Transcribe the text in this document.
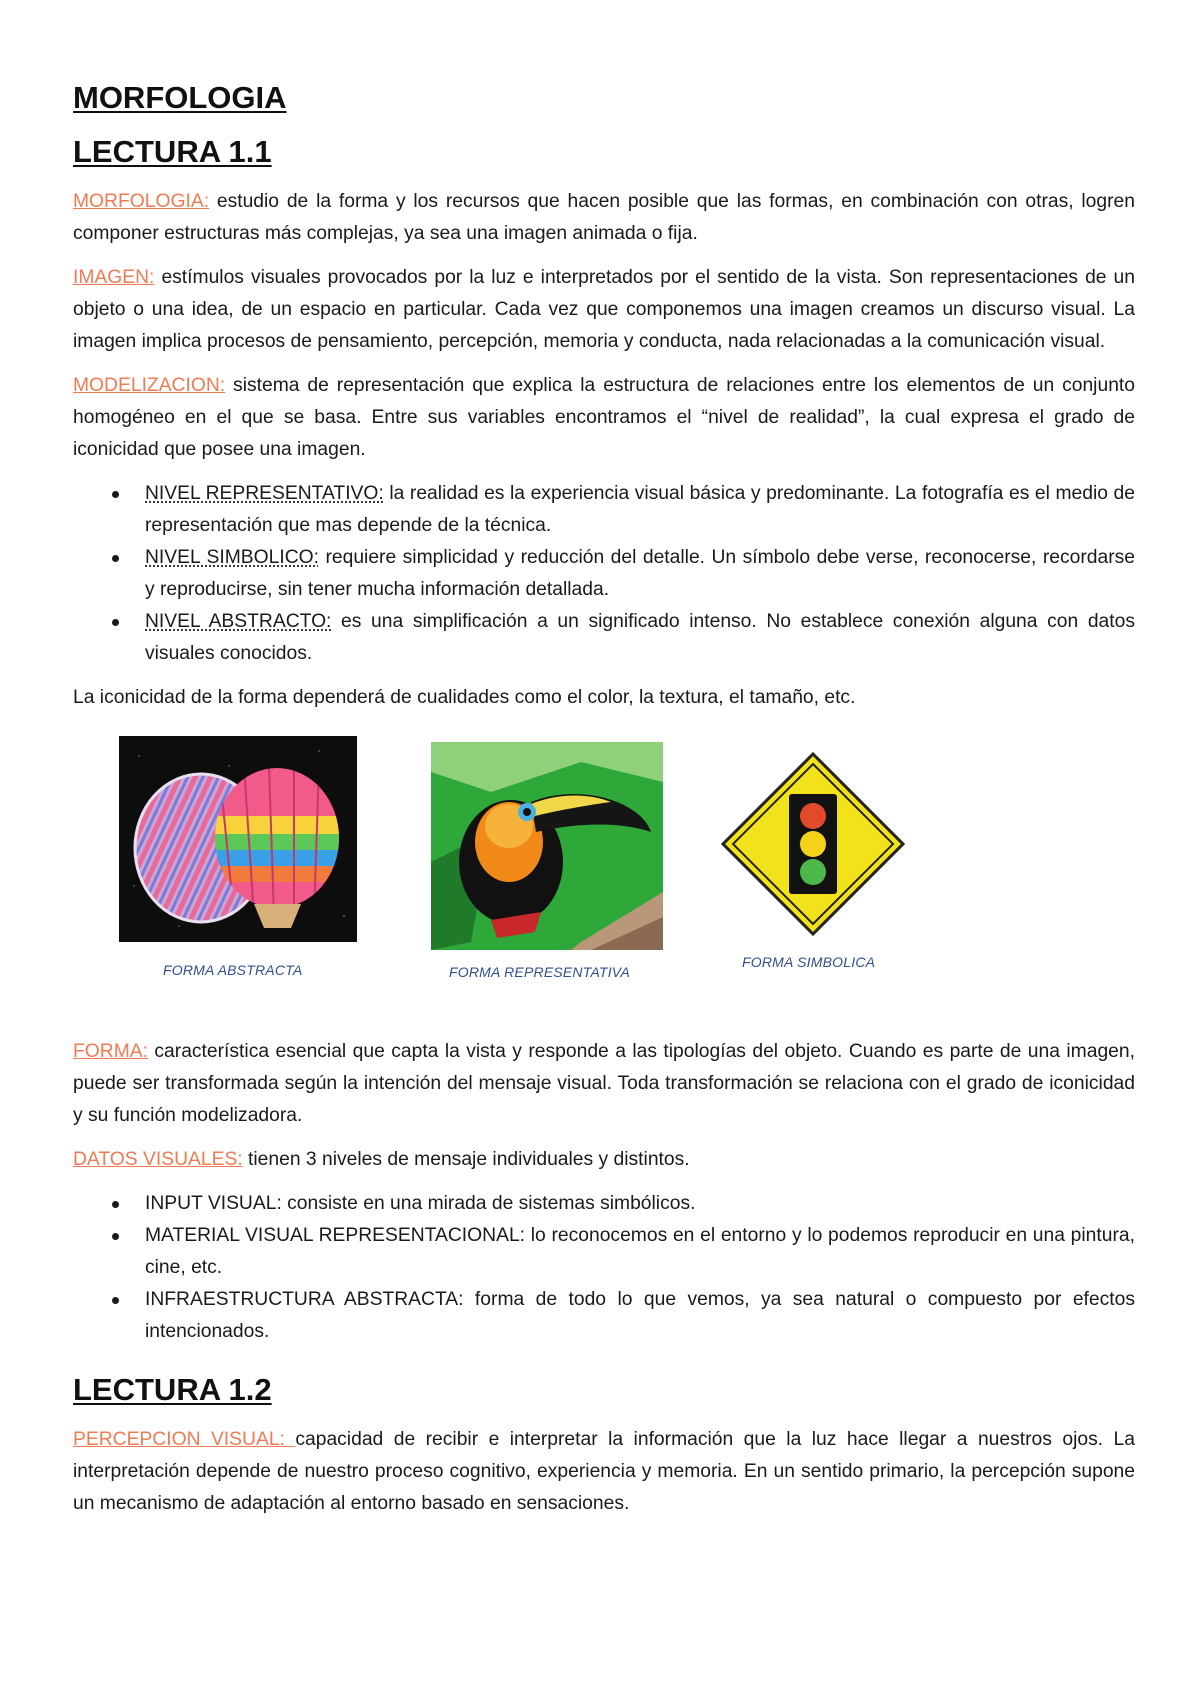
MORFOLOGIA
LECTURA 1.1

MORFOLOGIA: estudio de la forma y los recursos que hacen posible que las formas, en combinación con otras, logren componer estructuras más complejas, ya sea una imagen animada o fija.

IMAGEN: estímulos visuales provocados por la luz e interpretados por el sentido de la vista. Son representaciones de un objeto o una idea, de un espacio en particular. Cada vez que componemos una imagen creamos un discurso visual. La imagen implica procesos de pensamiento, percepción, memoria y conducta, nada relacionadas a la comunicación visual.

MODELIZACION: sistema de representación que explica la estructura de relaciones entre los elementos de un conjunto homogéneo en el que se basa. Entre sus variables encontramos el “nivel de realidad”, la cual expresa el grado de iconicidad que posee una imagen.

NIVEL REPRESENTATIVO: la realidad es la experiencia visual básica y predominante. La fotografía es el medio de representación que mas depende de la técnica.
NIVEL SIMBOLICO: requiere simplicidad y reducción del detalle. Un símbolo debe verse, reconocerse, recordarse y reproducirse, sin tener mucha información detallada.
NIVEL ABSTRACTO: es una simplificación a un significado intenso. No establece conexión alguna con datos visuales conocidos.

La iconicidad de la forma dependerá de cualidades como el color, la textura, el tamaño, etc.

FORMA ABSTRACTA	FORMA REPRESENTATIVA
FORMA SIMBOLICA

FORMA: característica esencial que capta la vista y responde a las tipologías del objeto. Cuando es parte de una imagen, puede ser transformada según la intención del mensaje visual. Toda transformación se relaciona con el grado de iconicidad y su función modelizadora.

DATOS VISUALES: tienen 3 niveles de mensaje individuales y distintos.

INPUT VISUAL: consiste en una mirada de sistemas simbólicos.
MATERIAL VISUAL REPRESENTACIONAL: lo reconocemos en el entorno y lo podemos reproducir en una pintura, cine, etc.
INFRAESTRUCTURA ABSTRACTA: forma de todo lo que vemos, ya sea natural o compuesto por efectos intencionados.
LECTURA 1.2

PERCEPCION VISUAL: capacidad de recibir e interpretar la información que la luz hace llegar a nuestros ojos. La interpretación depende de nuestro proceso cognitivo, experiencia y memoria. En un sentido primario, la percepción supone un mecanismo de adaptación al entorno basado en sensaciones.
